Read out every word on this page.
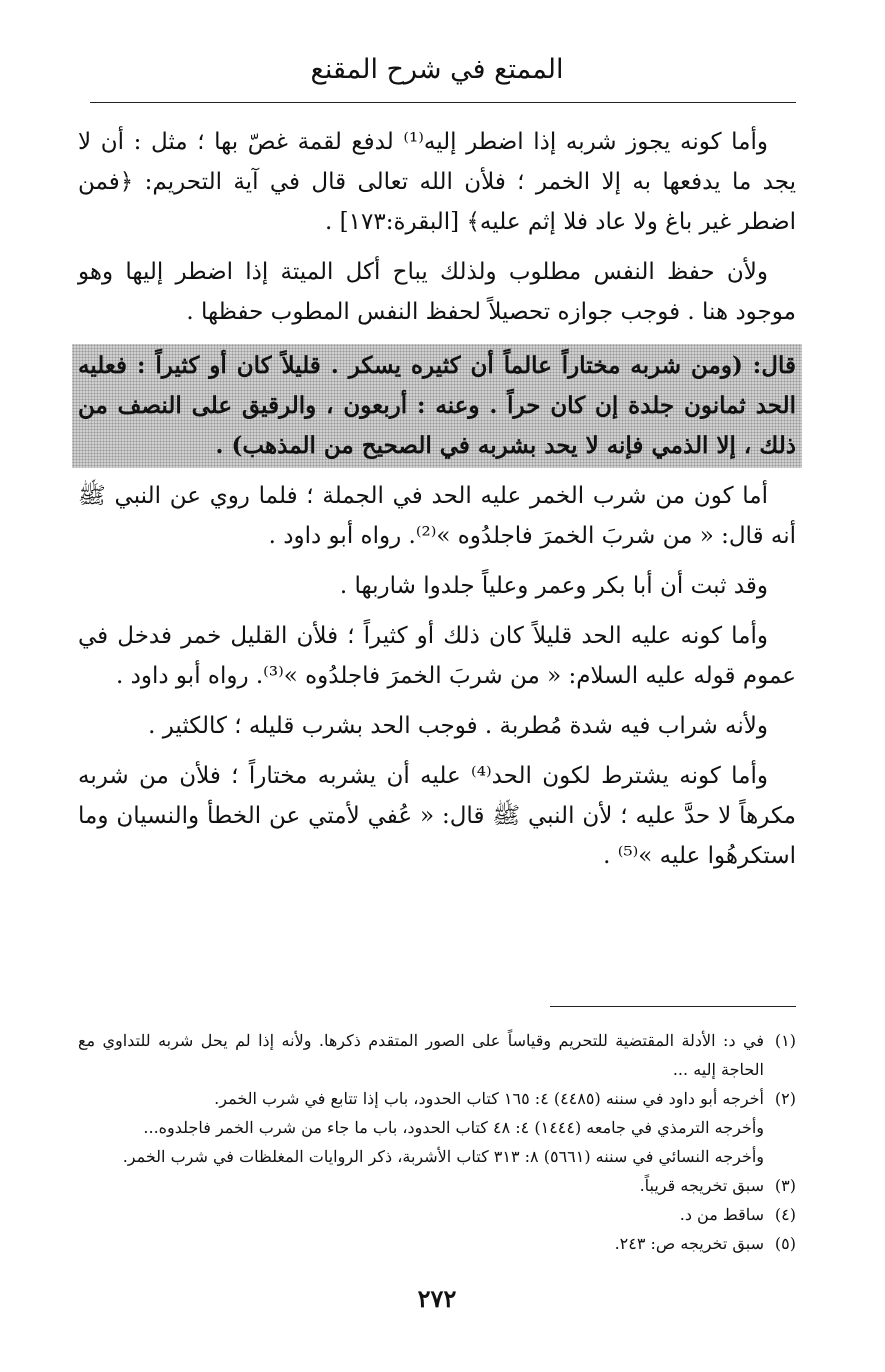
الممتع في شرح المقنع

وأما كونه يجوز شربه إذا اضطر إليه⁽¹⁾ لدفع لقمة غصّ بها ؛ مثل : أن لا يجد ما يدفعها به إلا الخمر ؛ فلأن الله تعالى قال في آية التحريم: ﴿فمن اضطر غير باغ ولا عاد فلا إثم عليه﴾ [البقرة:١٧٣] .

ولأن حفظ النفس مطلوب ولذلك يباح أكل الميتة إذا اضطر إليها وهو موجود هنا . فوجب جوازه تحصيلاً لحفظ النفس المطوب حفظها .

قال: (ومن شربه مختاراً عالماً أن كثيره يسكر . قليلاً كان أو كثيراً : فعليه الحد ثمانون جلدة إن كان حراً . وعنه : أربعون ، والرقيق على النصف من ذلك ، إلا الذمي فإنه لا يحد بشربه في الصحيح من المذهب) .

أما كون من شرب الخمر عليه الحد في الجملة ؛ فلما روي عن النبي ﷺ أنه قال: « من شربَ الخمرَ فاجلدُوه »⁽²⁾. رواه أبو داود .

وقد ثبت أن أبا بكر وعمر وعلياً جلدوا شاربها .

وأما كونه عليه الحد قليلاً كان ذلك أو كثيراً ؛ فلأن القليل خمر فدخل في عموم قوله عليه السلام: « من شربَ الخمرَ فاجلدُوه »⁽³⁾. رواه أبو داود .

ولأنه شراب فيه شدة مُطربة . فوجب الحد بشرب قليله ؛ كالكثير .

وأما كونه يشترط لكون الحد⁽⁴⁾ عليه أن يشربه مختاراً ؛ فلأن من شربه مكرهاً لا حدَّ عليه ؛ لأن النبي ﷺ قال: « عُفي لأمتي عن الخطأ والنسيان وما استكرهُوا عليه »⁽⁵⁾ .

(١)
في د: الأدلة المقتضية للتحريم وقياساً على الصور المتقدم ذكرها. ولأنه إذا لم يحل شربه للتداوي مع الحاجة إليه ...
(٢)
أخرجه أبو داود في سننه (٤٤٨٥) ٤: ١٦٥ كتاب الحدود، باب إذا تتابع في شرب الخمر.
وأخرجه الترمذي في جامعه (١٤٤٤) ٤: ٤٨ كتاب الحدود، باب ما جاء من شرب الخمر فاجلدوه...
وأخرجه النسائي في سننه (٥٦٦١) ٨: ٣١٣ كتاب الأشربة، ذكر الروايات المغلظات في شرب الخمر.
(٣)
سبق تخريجه قريباً.
(٤)
ساقط من د.
(٥)
سبق تخريجه ص: ٢٤٣.
٢٧٢
